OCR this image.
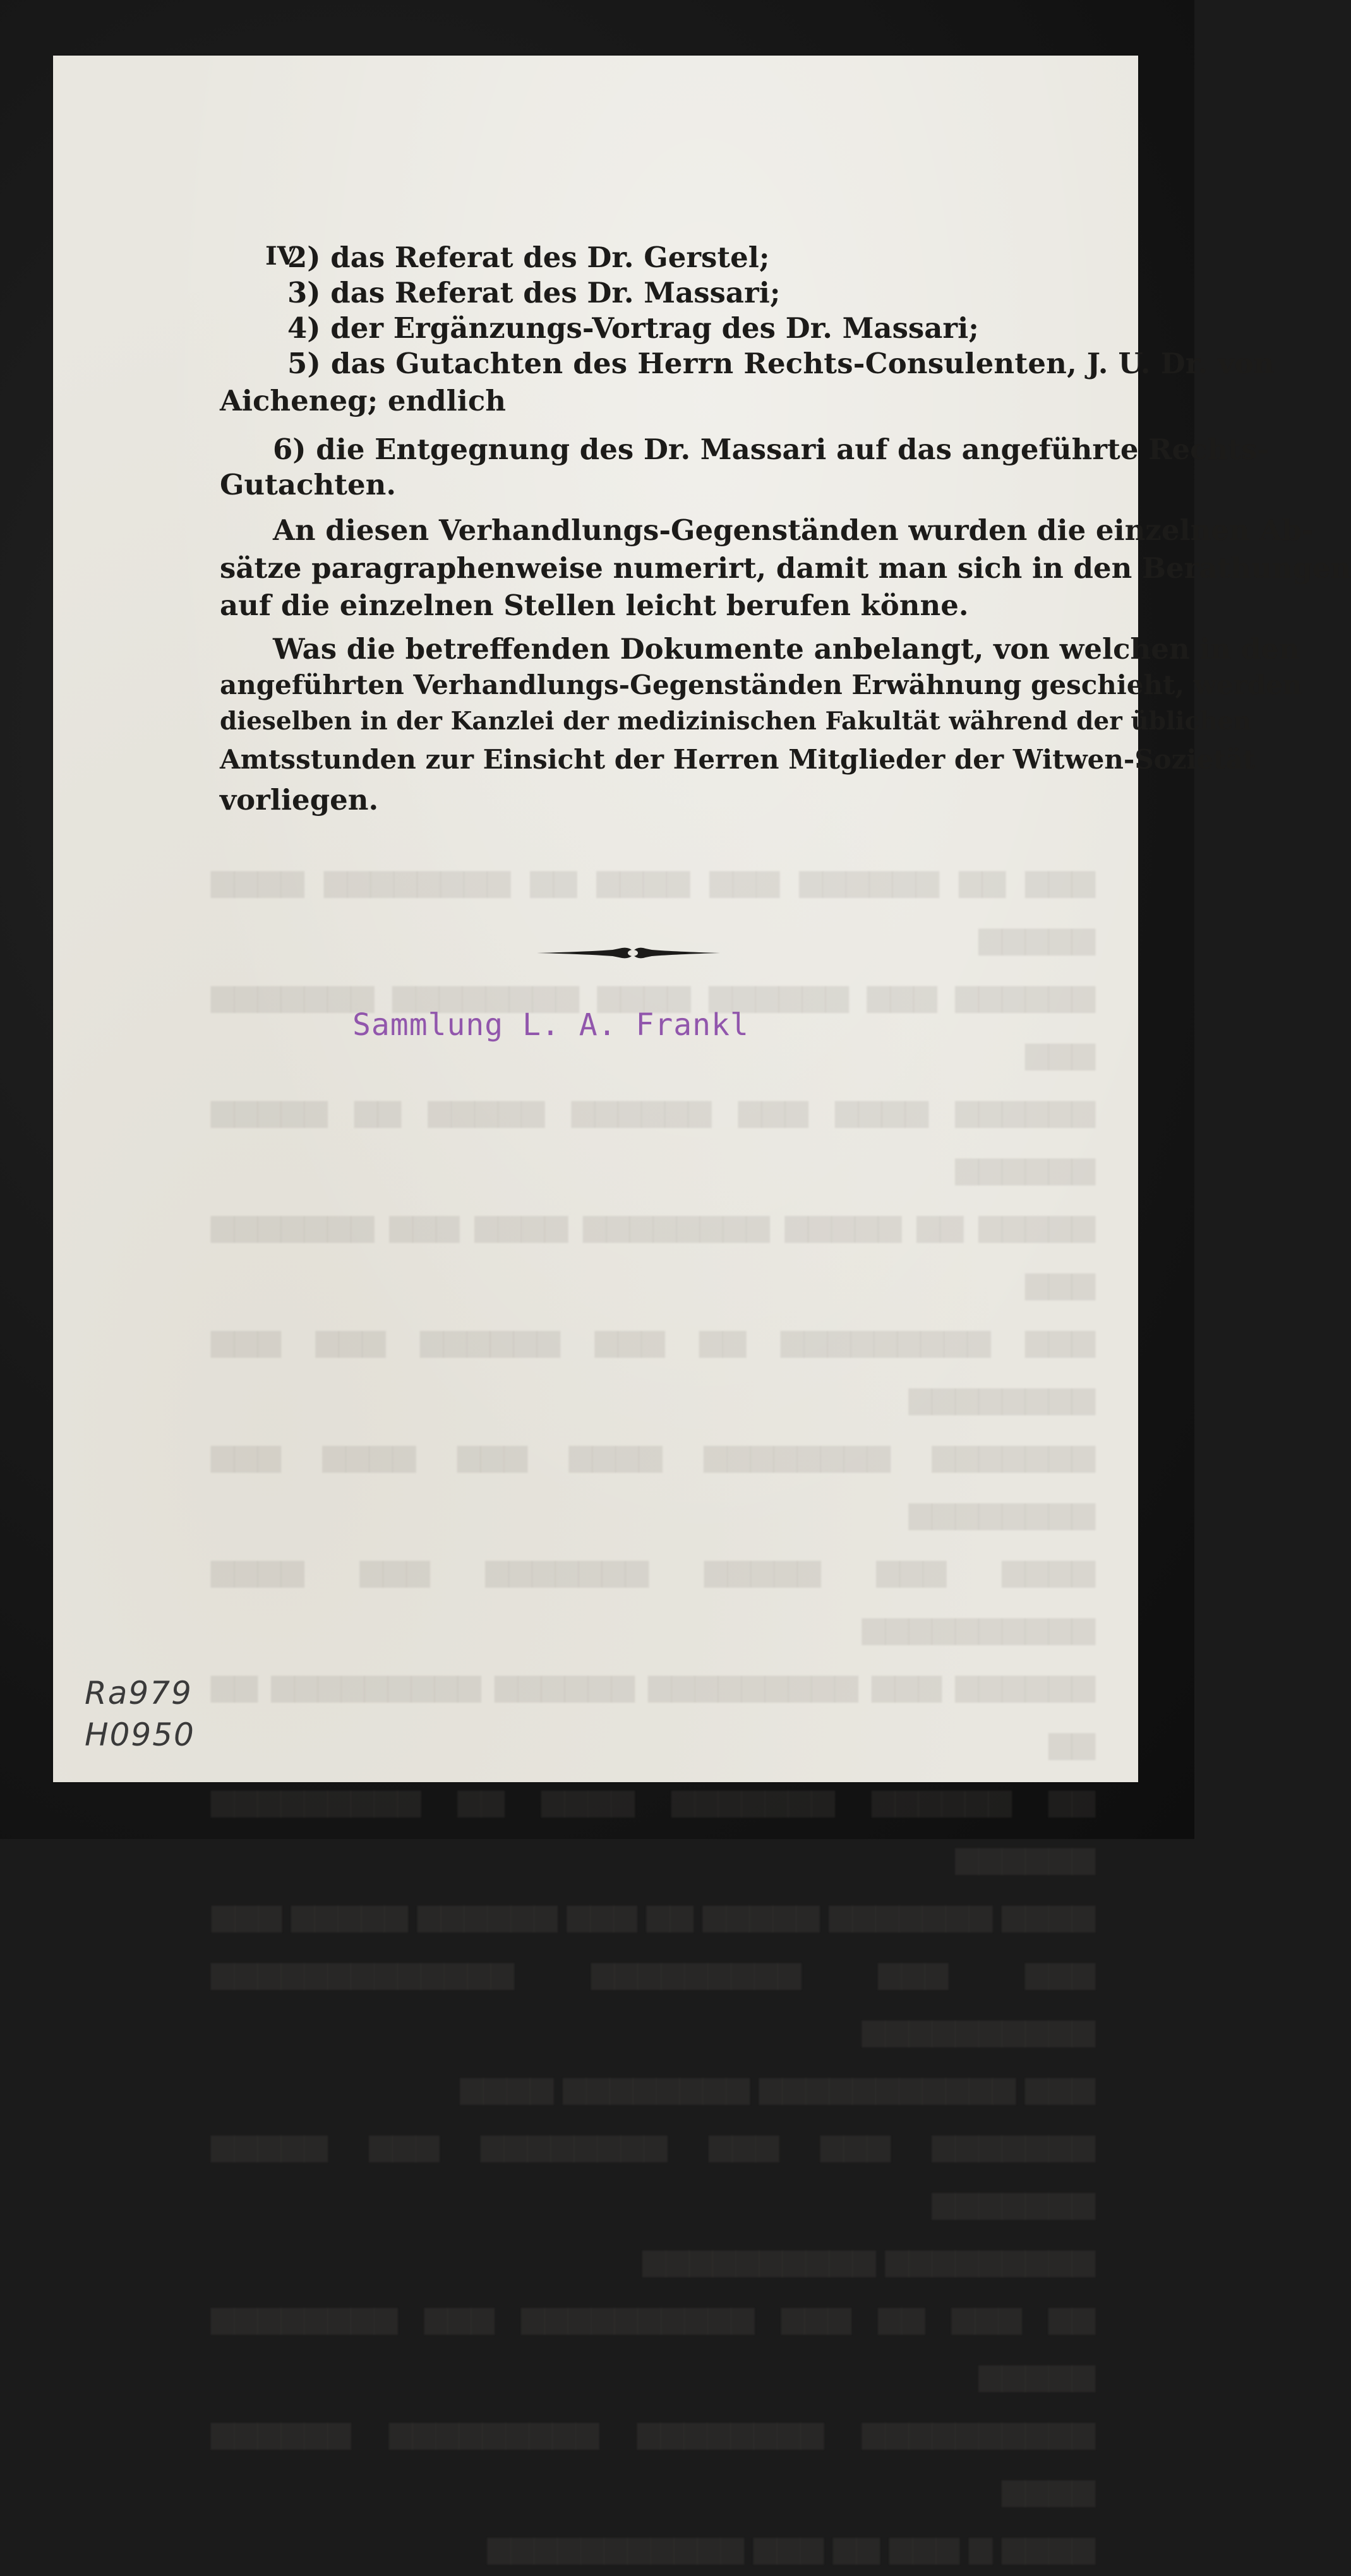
▆▆▆ ▆▆ ▆▆▆▆▆▆ ▆▆▆ ▆▆▆▆ ▆▆ ▆▆▆▆▆▆▆▆ ▆▆▆▆ ▆▆▆▆▆
▆▆▆▆▆▆ ▆▆▆ ▆▆▆▆▆▆ ▆▆▆▆ ▆▆▆▆▆▆▆▆ ▆▆▆▆▆▆▆ ▆▆▆
▆▆▆▆▆▆ ▆▆▆▆ ▆▆▆ ▆▆▆▆▆▆ ▆▆▆▆▆ ▆▆ ▆▆▆▆▆ ▆▆▆▆▆▆
▆▆▆▆▆ ▆▆ ▆▆▆▆▆ ▆▆▆▆▆▆▆▆ ▆▆▆▆ ▆▆▆ ▆▆▆▆▆▆▆ ▆▆▆
▆▆▆ ▆▆▆▆▆▆▆▆▆ ▆▆ ▆▆▆ ▆▆▆▆▆▆ ▆▆▆ ▆▆▆ ▆▆▆▆▆▆▆▆
▆▆▆▆▆▆▆ ▆▆▆▆▆▆▆▆ ▆▆▆▆ ▆▆▆ ▆▆▆▆ ▆▆▆ ▆▆▆▆▆▆▆▆
▆▆▆▆ ▆▆▆ ▆▆▆▆▆ ▆▆▆▆▆▆▆ ▆▆▆ ▆▆▆▆ ▆▆▆▆▆▆▆▆▆▆
▆▆▆▆▆▆ ▆▆▆ ▆▆▆▆▆▆▆▆▆ ▆▆▆▆▆▆ ▆▆▆▆▆▆▆▆▆ ▆▆ ▆▆
▆▆ ▆▆▆▆▆▆ ▆▆▆▆▆▆▆ ▆▆▆▆ ▆▆ ▆▆▆▆▆▆▆▆▆ ▆▆▆▆▆▆
▆▆▆▆ ▆▆▆▆▆▆▆ ▆▆▆▆▆ ▆▆ ▆▆▆ ▆▆▆▆▆▆ ▆▆▆▆▆ ▆▆▆
▆▆▆ ▆▆▆ ▆▆▆▆▆▆▆▆▆ ▆▆▆▆▆▆▆▆▆▆▆▆▆ ▆▆▆▆▆▆▆▆▆▆
▆▆▆ ▆▆▆▆▆▆▆▆▆▆▆ ▆▆▆▆▆▆▆▆ ▆▆▆▆
▆▆▆▆▆▆▆ ▆▆▆ ▆▆▆ ▆▆▆▆▆▆▆▆ ▆▆▆ ▆▆▆▆▆ ▆▆▆▆▆▆▆
▆▆▆▆▆▆▆▆▆ ▆▆▆▆▆▆▆▆▆▆
▆▆ ▆▆▆ ▆▆ ▆▆▆ ▆▆▆▆▆▆▆▆▆▆ ▆▆▆ ▆▆▆▆▆▆▆▆ ▆▆▆▆▆
▆▆▆▆▆▆▆▆▆▆ ▆▆▆▆▆▆▆▆ ▆▆▆▆▆▆▆▆▆ ▆▆▆▆▆▆ ▆▆▆▆
▆▆▆▆ ▆ ▆▆▆ ▆▆ ▆▆▆ ▆▆▆▆▆▆▆▆▆▆▆

IV
2) das Referat des Dr. Gerstel;
3) das Referat des Dr. Massari;
4) der Ergänzungs-Vortrag des Dr. Massari;
5) das Gutachten des Herrn Rechts-Consulenten, J. U. Dr. von
Aicheneg; endlich
6) die Entgegnung des Dr. Massari auf das angeführte Rechts-
Gutachten.
An diesen Verhandlungs-Gegenständen wurden die einzelnen Ab-
sätze paragraphenweise numerirt, damit man sich in den Berathungen
auf die einzelnen Stellen leicht berufen könne.
Was die betreffenden Dokumente anbelangt, von welchen in den
angeführten Verhandlungs-Gegenständen Erwähnung geschieht, werden
dieselben in der Kanzlei der medizinischen Fakultät während der üblichen
Amtsstunden zur Einsicht der Herren Mitglieder der Witwen-Sozietät
vorliegen.
Sammlung L. A. Frankl
Ra979
H0950
